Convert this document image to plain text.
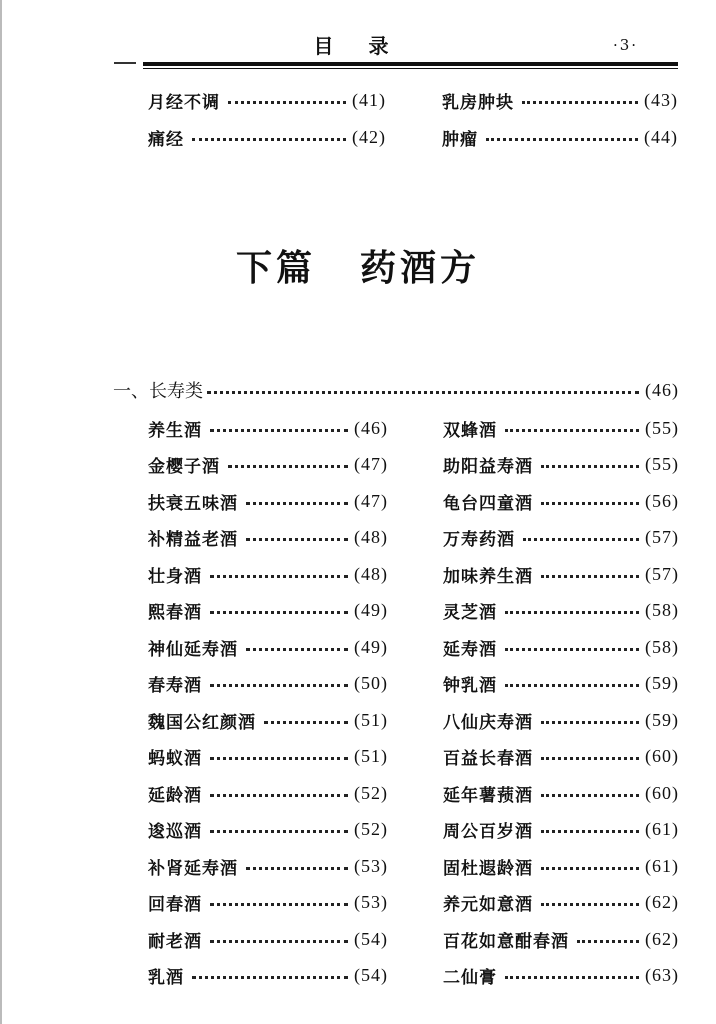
目 录	·3·
月经不调	(41)
痛经	(42)
乳房肿块	(43)
肿瘤	(44)
下篇 药酒方
一、长寿类	(46)
养生酒	(46)
金樱子酒	(47)
扶衰五味酒	(47)
补精益老酒	(48)
壮身酒	(48)
熙春酒	(49)
神仙延寿酒	(49)
春寿酒	(50)
魏国公红颜酒	(51)
蚂蚁酒	(51)
延龄酒	(52)
逡巡酒	(52)
补肾延寿酒	(53)
回春酒	(53)
耐老酒	(54)
乳酒	(54)
双蜂酒	(55)
助阳益寿酒	(55)
龟台四童酒	(56)
万寿药酒	(57)
加味养生酒	(57)
灵芝酒	(58)
延寿酒	(58)
钟乳酒	(59)
八仙庆寿酒	(59)
百益长春酒	(60)
延年薯蓣酒	(60)
周公百岁酒	(61)
固杜遐龄酒	(61)
养元如意酒	(62)
百花如意酣春酒	(62)
二仙膏	(63)
